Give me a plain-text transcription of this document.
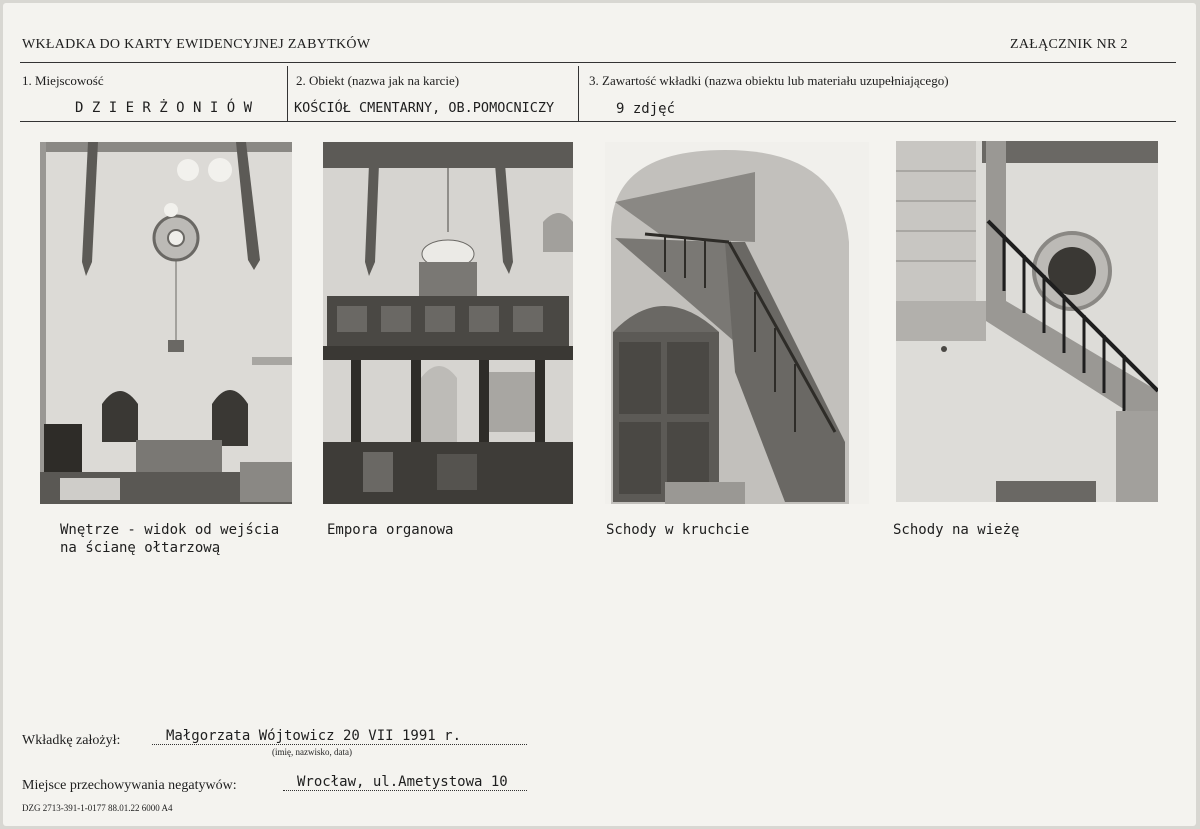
WKŁADKA DO KARTY EWIDENCYJNEJ ZABYTKÓW	ZAŁĄCZNIK NR 2
1. Miejscowość
D Z I E R Ż O N I Ó W
2. Obiekt (nazwa jak na karcie)
KOŚCIÓŁ CMENTARNY, OB.POMOCNICZY
3. Zawartość wkładki (nazwa obiektu lub materiału uzupełniającego)
9 zdjęć
Wnętrze - widok od wejścia
na ścianę ołtarzową
Empora organowa	Schody w kruchcie	Schody na wieżę
Wkładkę założył:	Małgorzata Wójtowicz 20 VII 1991 r.
(imię, nazwisko, data)
Miejsce przechowywania negatywów:	Wrocław, ul.Ametystowa 10
DZG 2713-391-1-0177 88.01.22 6000 A4
